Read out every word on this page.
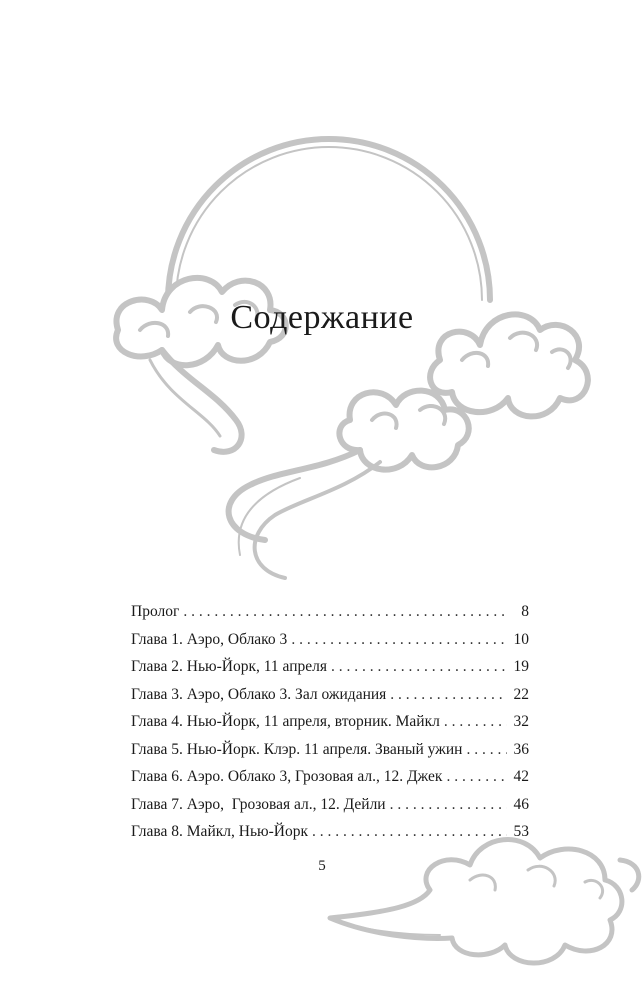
Содержание
Пролог . . .	8
Глава 1. Аэро, Облако 3 . . .	10
Глава 2. Нью-Йорк, 11 апреля . . .	19
Глава 3. Аэро, Облако 3. Зал ожидания . . .	22
Глава 4. Нью-Йорк, 11 апреля, вторник. Майкл . . .	32
Глава 5. Нью-Йорк. Клэр. 11 апреля. Званый ужин . . .	36
Глава 6. Аэро. Облако 3, Грозовая ал., 12. Джек . . .	42
Глава 7. Аэро,  Грозовая ал., 12. Дейли . . .	46
Глава 8. Майкл, Нью-Йорк . . .	53
5
